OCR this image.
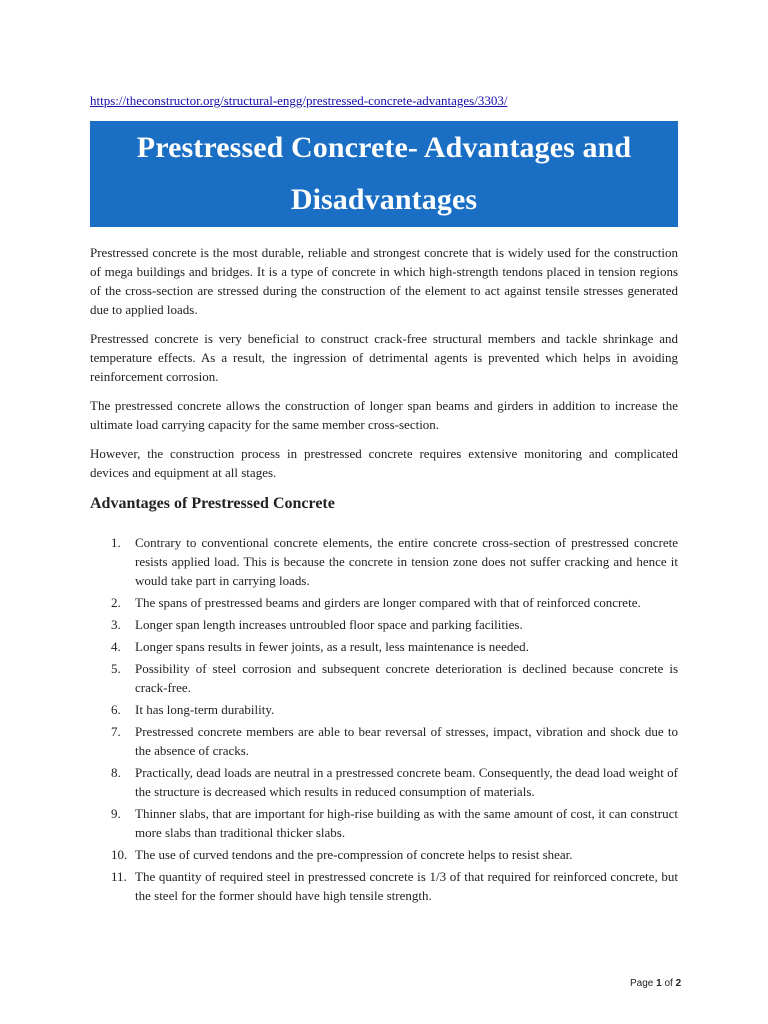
https://theconstructor.org/structural-engg/prestressed-concrete-advantages/3303/
Prestressed Concrete- Advantages and
Disadvantages

Prestressed concrete is the most durable, reliable and strongest concrete that is widely used for the construction of mega buildings and bridges. It is a type of concrete in which high-strength tendons placed in tension regions of the cross-section are stressed during the construction of the element to act against tensile stresses generated due to applied loads.

Prestressed concrete is very beneficial to construct crack-free structural members and tackle shrinkage and temperature effects. As a result, the ingression of detrimental agents is prevented which helps in avoiding reinforcement corrosion.

The prestressed concrete allows the construction of longer span beams and girders in addition to increase the ultimate load carrying capacity for the same member cross-section.

However, the construction process in prestressed concrete requires extensive monitoring and complicated devices and equipment at all stages.

Advantages of Prestressed Concrete
1. Contrary to conventional concrete elements, the entire concrete cross-section of prestressed concrete resists applied load. This is because the concrete in tension zone does not suffer cracking and hence it would take part in carrying loads.
2. The spans of prestressed beams and girders are longer compared with that of reinforced concrete.
3. Longer span length increases untroubled floor space and parking facilities.
4. Longer spans results in fewer joints, as a result, less maintenance is needed.
5. Possibility of steel corrosion and subsequent concrete deterioration is declined because concrete is crack-free.
6. It has long-term durability.
7. Prestressed concrete members are able to bear reversal of stresses, impact, vibration and shock due to the absence of cracks.
8. Practically, dead loads are neutral in a prestressed concrete beam. Consequently, the dead load weight of the structure is decreased which results in reduced consumption of materials.
9. Thinner slabs, that are important for high-rise building as with the same amount of cost, it can construct more slabs than traditional thicker slabs.
10. The use of curved tendons and the pre-compression of concrete helps to resist shear.
11. The quantity of required steel in prestressed concrete is 1/3 of that required for reinforced concrete, but the steel for the former should have high tensile strength.
Page 1 of 2
